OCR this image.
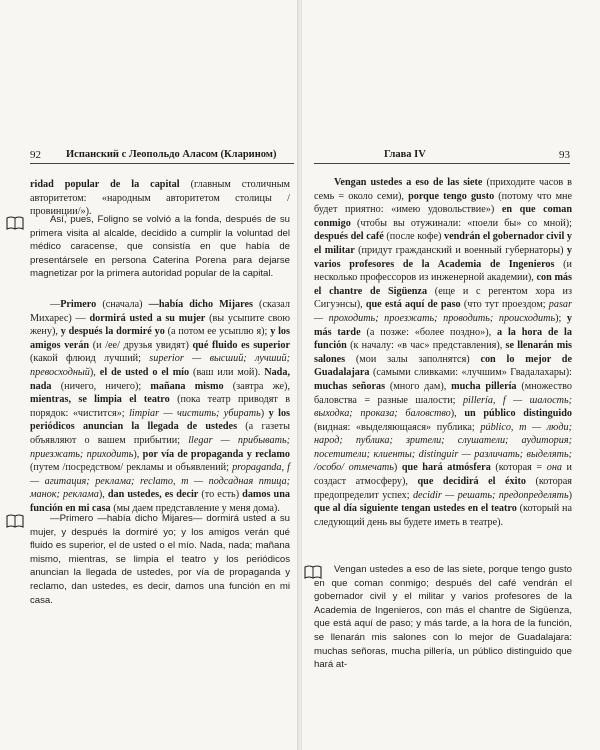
92 Испанский с Леопольдо Аласом (Кларином)

ridad popular de la capital (главным столичным авторитетом: «народным авторитетом столицы /провинции/»).

Así, pues, Foligno se volvió a la fonda, después de su primera visita al alcalde, decidido a cumplir la voluntad del médico caracense, que consistía en que había de presentársele en persona Caterina Porena para dejarse magnetizar por la primera autoridad popular de la capital.

—Primero (сначала) —había dicho Mijares (сказал Михарес) — dormirá usted a su mujer (вы усыпите свою жену), y después la dormiré yo (а потом ее усыплю я); y los amigos verán (и /ее/ друзья увидят) qué fluido es superior (какой флюид лучший; superior — высший; лучший; превосходный), el de usted o el mío (ваш или мой). Nada, nada (ничего, ничего); mañana mismo (завтра же), mientras, se limpia el teatro (пока театр приводят в порядок: «чистится»; limpiar — чистить; убирать) y los periódicos anuncian la llegada de ustedes (а газеты объявляют о вашем прибытии; llegar — прибывать; приезжать; приходить), por vía de propaganda y reclamo (путем /посредством/ рекламы и объявлений; propaganda, f — агитация; реклама; reclamo, m — подсадная птица; манок; реклама), dan ustedes, es decir (то есть) damos una función en mi casa (мы даем представление у меня дома).

—Primero —había dicho Mijares— dormirá usted a su mujer, y después la dormiré yo; y los amigos verán qué fluido es superior, el de usted o el mío. Nada, nada; mañana mismo, mientras, se limpia el teatro y los periódicos anuncian la llegada de ustedes, por vía de propaganda y reclamo, dan ustedes, es decir, damos una función en mi casa.
Глава IV	93

Vengan ustedes a eso de las siete (приходите часов в семь = около семи), porque tengo gusto (потому что мне будет приятно: «имею удовольствие») en que coman conmigo (чтобы вы отужинали: «поели бы» со мной); después del café (после кофе) vendrán el gobernador civil y el militar (придут гражданский и военный губернаторы) y varios profesores de la Academia de Ingenieros (и несколько профессоров из инженерной академии), con más el chantre de Sigüenza (еще и с регентом хора из Сигуэнсы), que está aquí de paso (что тут проездом; pasar — проходить; проезжать; проводить; происходить); y más tarde (а позже: «более поздно»), a la hora de la función (к началу: «в час» представления), se llenarán mis salones (мои залы заполнятся) con lo mejor de Guadalajara (самыми сливками: «лучшим» Гвадалахары): muchas señoras (много дам), mucha pillería (множество баловства = разные шалости; pillería, f — шалость; выходка; проказа; баловство), un público distinguido (видная: «выделяющаяся» публика; público, m — люди; народ; публика; зрители; слушатели; аудитория; посетители; клиенты; distinguir — различать; выделять; /особо/ отмечать) que hará atmósfera (которая = она и создаст атмосферу), que decidirá el éxito (которая предопределит успех; decidir — решать; предопределять) que al día siguiente tengan ustedes en el teatro (который на следующий день вы будете иметь в театре).

Vengan ustedes a eso de las siete, porque tengo gusto en que coman conmigo; después del café vendrán el gobernador civil y el militar y varios profesores de la Academia de Ingenieros, con más el chantre de Sigüenza, que está aquí de paso; y más tarde, a la hora de la función, se llenarán mis salones con lo mejor de Guadalajara: muchas señoras, mucha pillería, un público distinguido que hará at-
